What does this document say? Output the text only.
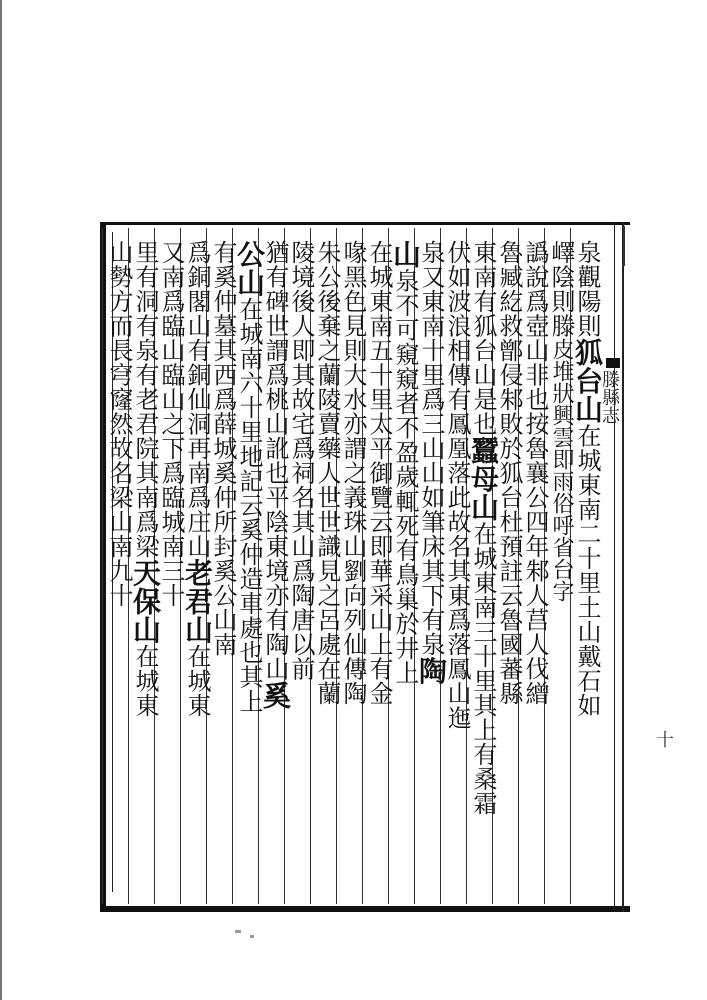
泉觀陽則狐台山在城東南二十里土山戴石如
嶧陰則滕皮堆狀興雲即雨俗呼省台字
譌說爲壺山非也按魯襄公四年邾人莒人伐繒
魯臧紇救鄫侵邾敗於狐台杜預註云魯國蕃縣
東南有狐台山是也蠶母山在城東南三十里其上有桑霜
伏如波浪相傳有鳳凰落此故名其東爲落鳳山迤
泉又東南十里爲三山山如筆床其下有泉陶
山泉不可窺窺者不盈歲輒死有鳥巢於井上
在城東南五十里太平御覽云即華采山上有金
喙黑色見則大水亦謂之義珠山劉向列仙傳陶
朱公後棄之蘭陵賣藥人世世識見之呂處在蘭
陵境後人即其故宅爲祠名其山爲陶唐以前
猶有碑世謂爲桃山訛也平陰東境亦有陶山奚
公山在城南六十里地記云奚仲造車處也其上
有奚仲墓其西爲薛城奚仲所封奚公山南
爲銅閣山有銅仙洞再南爲庄山老君山在城東
又南爲臨山臨山之下爲臨城南三十
里有洞有泉有老君院其南爲梁天保山在城東
山勢方而長穹窿然故名梁山南九十
滕縣志
十
